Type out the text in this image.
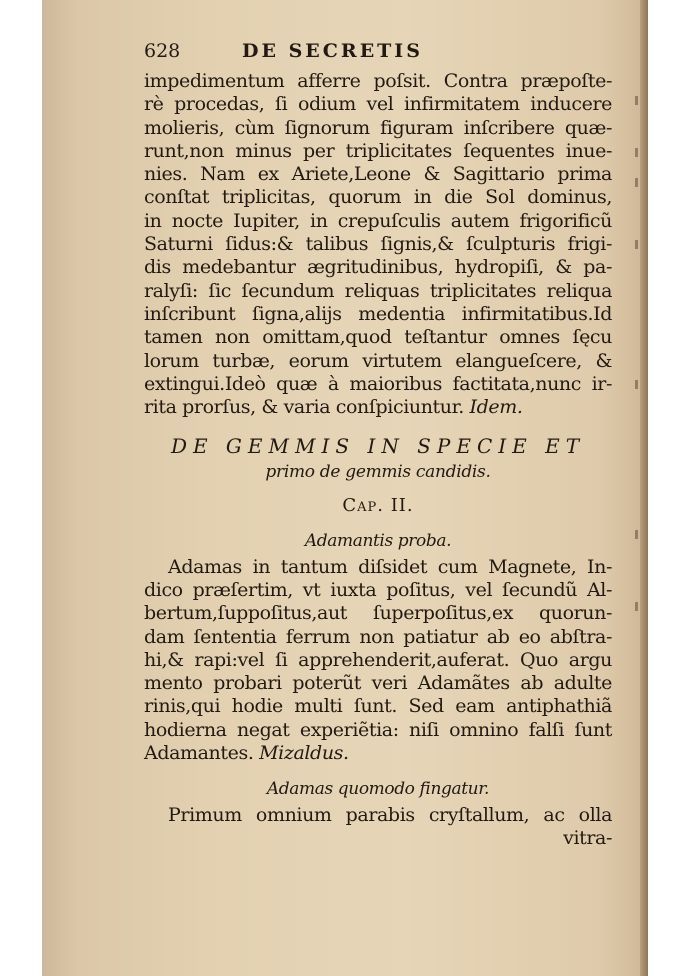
628	DE SECRETIS
impedimentum afferre poſsit. Contra præpoſte-
rè procedas, ſi odium vel infirmitatem inducere
molieris, cùm ſignorum figuram inſcribere quæ-
runt,non minus per triplicitates ſequentes inue-
nies. Nam ex Ariete,Leone & Sagittario prima
conſtat triplicitas, quorum in die Sol dominus,
in nocte Iupiter, in crepuſculis autem frigorificũ
Saturni ſidus:& talibus ſignis,& ſculpturis frigi-
dis medebantur ægritudinibus, hydropiſi, & pa-
ralyſi: ſic ſecundum reliquas triplicitates reliqua
inſcribunt ſigna,alijs medentia infirmitatibus.Id
tamen non omittam,quod teſtantur omnes ſęcu
lorum turbæ, eorum virtutem elangueſcere, &
extingui.Ideò quæ à maioribus factitata,nunc ir-
rita prorſus, & varia conſpiciuntur. Idem.
DE GEMMIS IN SPECIE ET
primo de gemmis candidis.
Cap. II.
Adamantis proba.
Adamas in tantum diſsidet cum Magnete, In-
dico præſertim, vt iuxta poſitus, vel ſecundũ Al-
bertum,ſuppoſitus,aut ſuperpoſitus,ex quorun-
dam ſententia ferrum non patiatur ab eo abſtra-
hi,& rapi:vel ſi apprehenderit,auferat. Quo argu
mento probari poterũt veri Adamãtes ab adulte
rinis,qui hodie multi ſunt. Sed eam antiphathiã
hodierna negat experiẽtia: niſi omnino falſi ſunt
Adamantes. Mizaldus.
Adamas quomodo fingatur.
Primum omnium parabis cryſtallum, ac olla
vitra-
